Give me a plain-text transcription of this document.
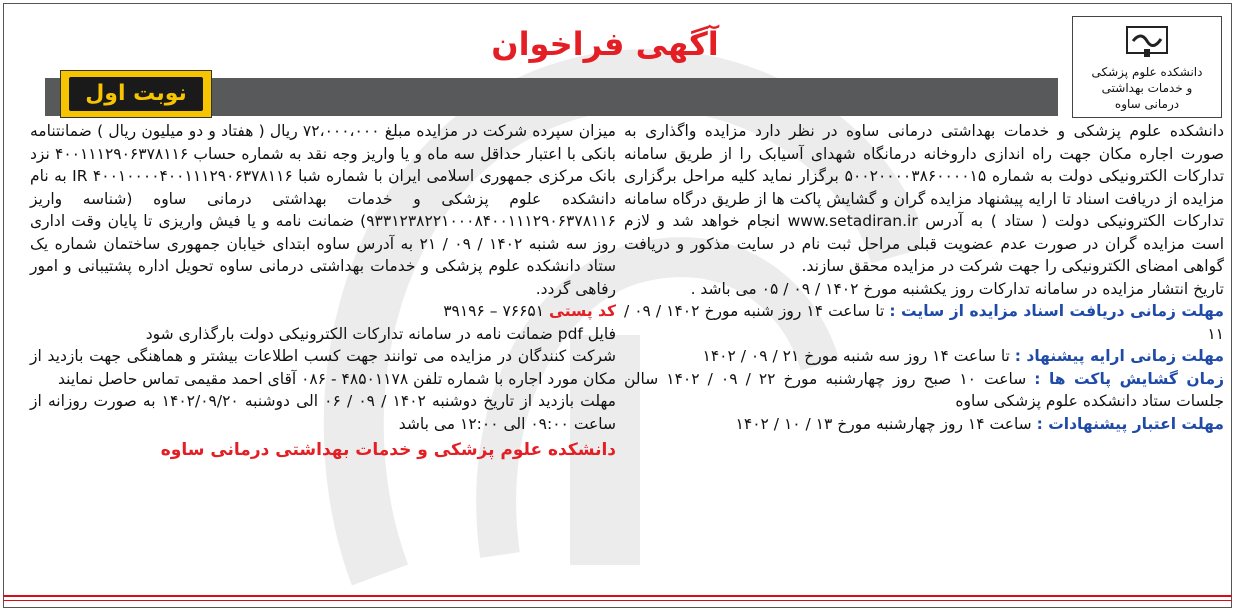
دانشکده علوم پزشکی
و خدمات بهداشتی
درمانی ساوه
آگهی فراخوان
نوبت اول

دانشکده علوم پزشکی و خدمات بهداشتی درمانی ساوه در نظر دارد مزایده واگذاری به صورت اجاره مکان جهت راه اندازی داروخانه درمانگاه شهدای آسیابک را از طریق سامانه تدارکات الکترونیکی دولت به شماره ۵۰۰۲۰۰۰۰۳۸۶۰۰۰۰۱۵ برگزار نماید کلیه مراحل برگزاری مزایده از دریافت اسناد تا ارایه پیشنهاد مزایده گران و گشایش پاکت ها از طریق درگاه سامانه تدارکات الکترونیکی دولت ( ستاد ) به آدرس www.setadiran.ir انجام خواهد شد و لازم است مزایده گران در صورت عدم عضویت قبلی مراحل ثبت نام در سایت مذکور و دریافت گواهی امضای الکترونیکی را جهت شرکت در مزایده محقق سازند.

تاریخ انتشار مزایده در سامانه تدارکات روز یکشنبه مورخ ۱۴۰۲ / ۰۹ / ۰۵ می باشد .

مهلت زمانی دریافت اسناد مزایده از سایت : تا ساعت ۱۴ روز شنبه مورخ ۱۴۰۲ / ۰۹ / ۱۱

مهلت زمانی ارایه پیشنهاد : تا ساعت ۱۴ روز سه شنبه مورخ ۲۱ / ۰۹ / ۱۴۰۲

زمان گشایش پاکت ها : ساعت ۱۰ صبح روز چهارشنبه مورخ ۲۲ / ۰۹ / ۱۴۰۲ سالن جلسات ستاد دانشکده علوم پزشکی ساوه

مهلت اعتبار پیشنهادات : ساعت ۱۴ روز چهارشنبه مورخ ۱۳ / ۱۰ / ۱۴۰۲

میزان سپرده شرکت در مزایده مبلغ ۷۲،۰۰۰،۰۰۰ ریال ( هفتاد و دو میلیون ریال ) ضمانتنامه بانکی با اعتبار حداقل سه ماه و یا واریز وجه نقد به شماره حساب ۴۰۰۱۱۱۲۹۰۶۳۷۸۱۱۶ نزد بانک مرکزی جمهوری اسلامی ایران با شماره شبا IR ۴۰۰۱۰۰۰۰۴۰۰۱۱۱۲۹۰۶۳۷۸۱۱۶ به نام دانشکده علوم پزشکی و خدمات بهداشتی درمانی ساوه (شناسه واریز ۹۳۳۱۲۳۸۲۲۱۰۰۰۸۴۰۰۱۱۱۲۹۰۶۳۷۸۱۱۶) ضمانت نامه و یا فیش واریزی تا پایان وقت اداری روز سه شنبه ۱۴۰۲ / ۰۹ / ۲۱ به آدرس ساوه ابتدای خیابان جمهوری ساختمان شماره یک ستاد دانشکده علوم پزشکی و خدمات بهداشتی درمانی ساوه تحویل اداره پشتیبانی و امور رفاهی گردد.

کد پستی ۷۶۶۵۱ – ۳۹۱۹۶

فایل pdf ضمانت نامه در سامانه تدارکات الکترونیکی دولت بارگذاری شود

شرکت کنندگان در مزایده می توانند جهت کسب اطلاعات بیشتر و هماهنگی جهت بازدید از مکان مورد اجاره با شماره تلفن ۴۸۵۰۱۱۷۸ - ۰۸۶ آقای احمد مقیمی تماس حاصل نمایند

مهلت بازدید از تاریخ دوشنبه ۱۴۰۲ / ۰۹ / ۰۶ الی دوشنبه ۱۴۰۲/۰۹/۲۰ به صورت روزانه از ساعت ۰۹:۰۰ الی ۱۲:۰۰ می باشد

دانشکده علوم پزشکی و خدمات بهداشتی درمانی ساوه
